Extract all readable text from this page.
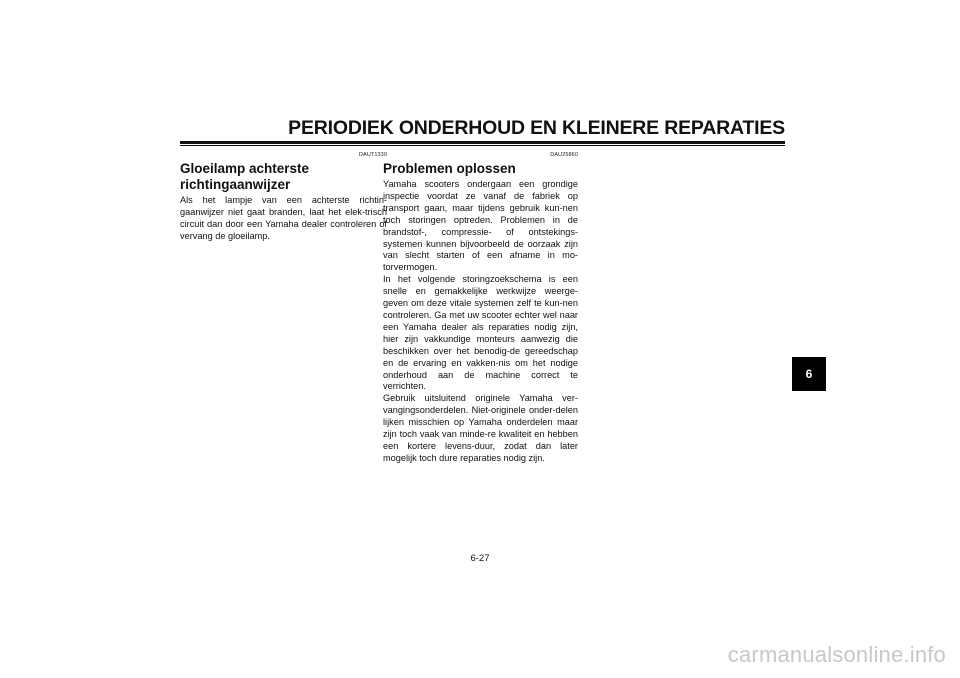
PERIODIEK ONDERHOUD EN KLEINERE REPARATIES
DAUT1330
Gloeilamp achterste
richtingaanwijzer

Als het lampje van een achterste richtin-gaanwijzer niet gaat branden, laat het elek-trisch circuit dan door een Yamaha dealer controleren of vervang de gloeilamp.

DAU25860
Problemen oplossen

Yamaha scooters ondergaan een grondige inspectie voordat ze vanaf de fabriek op transport gaan, maar tijdens gebruik kun-nen toch storingen optreden. Problemen in de brandstof-, compressie- of ontstekings-systemen kunnen bijvoorbeeld de oorzaak zijn van slecht starten of een afname in mo-torvermogen.
In het volgende storingzoekschema is een snelle en gemakkelijke werkwijze weerge-geven om deze vitale systemen zelf te kun-nen controleren. Ga met uw scooter echter wel naar een Yamaha dealer als reparaties nodig zijn, hier zijn vakkundige monteurs aanwezig die beschikken over het benodig-de gereedschap en de ervaring en vakken-nis om het nodige onderhoud aan de machine correct te verrichten.
Gebruik uitsluitend originele Yamaha ver-vangingsonderdelen. Niet-originele onder-delen lijken misschien op Yamaha onderdelen maar zijn toch vaak van minde-re kwaliteit en hebben een kortere levens-duur, zodat dan later mogelijk toch dure reparaties nodig zijn.

6
6-27
carmanualsonline.info
